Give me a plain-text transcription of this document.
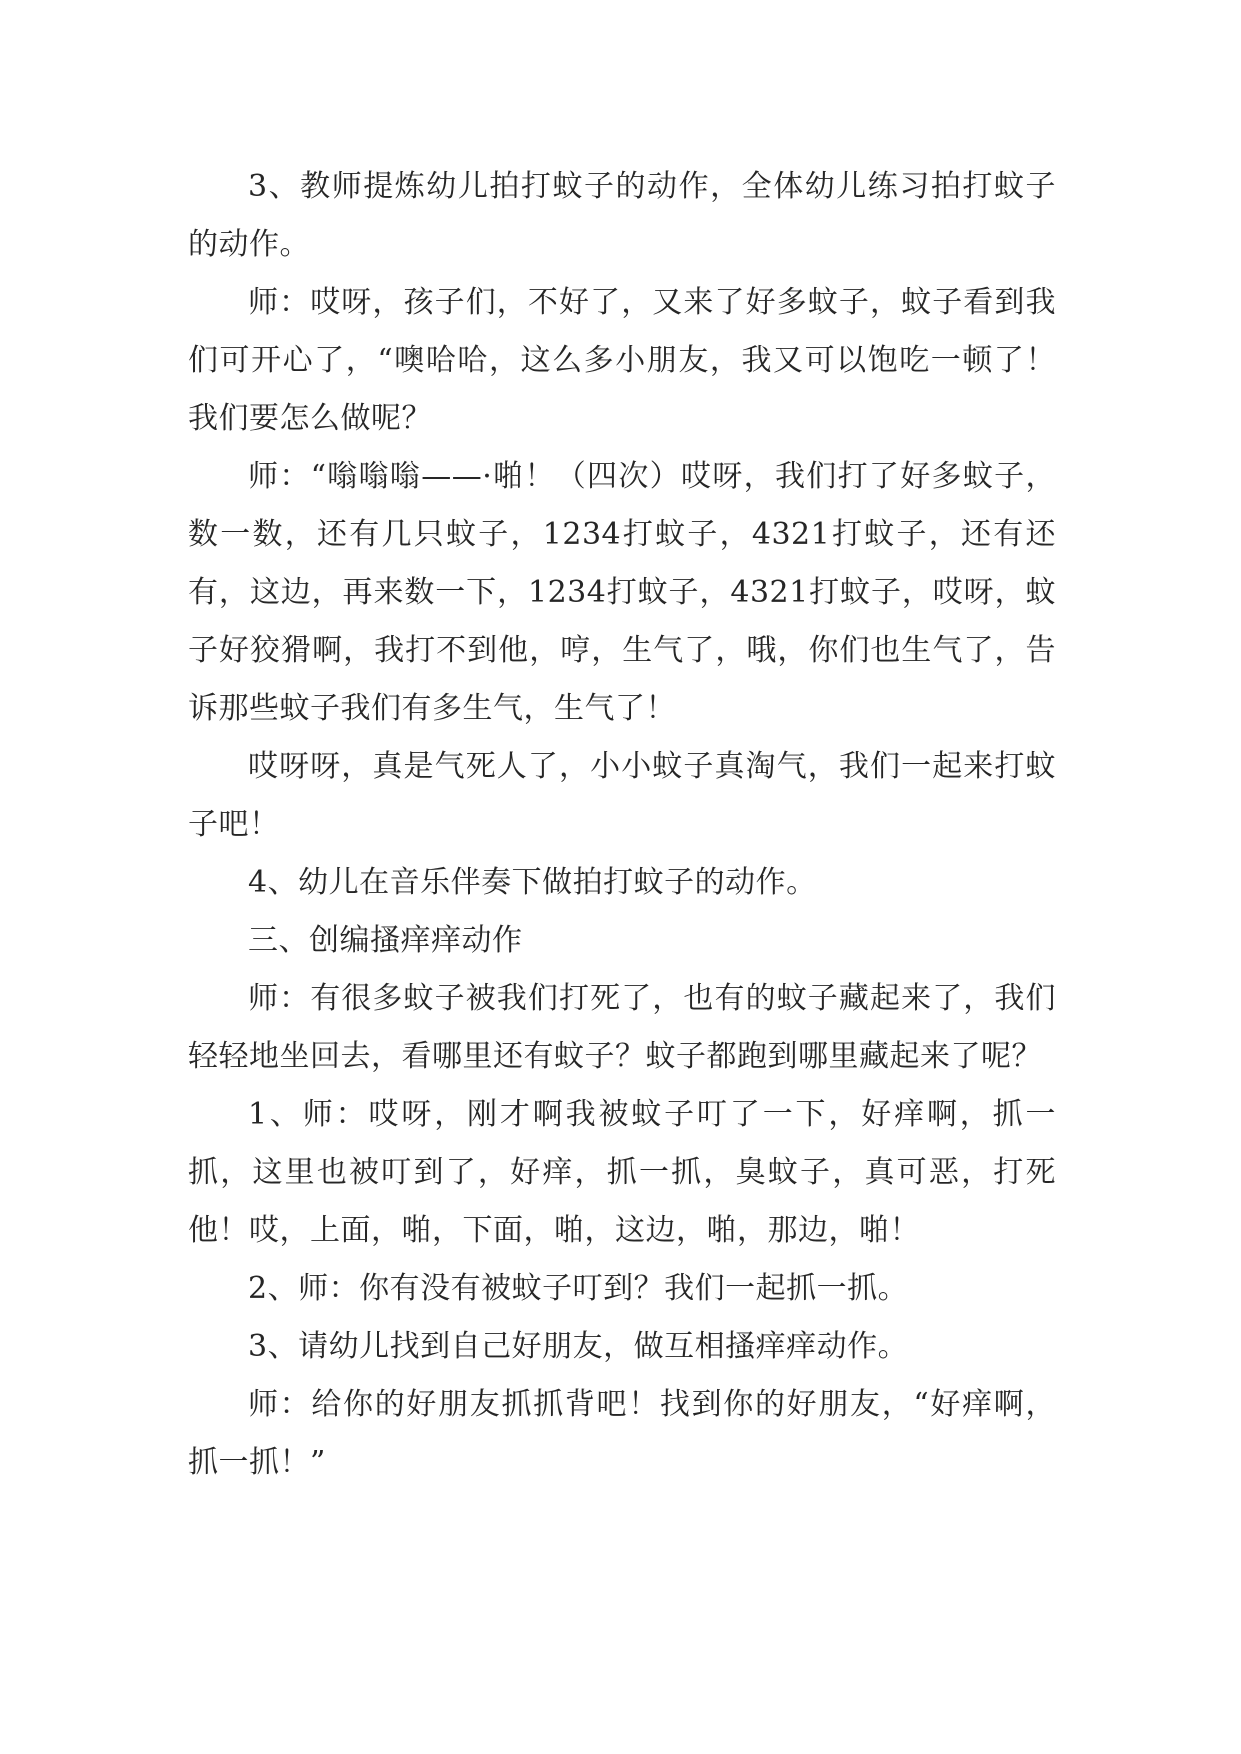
3、教师提炼幼儿拍打蚊子的动作，全体幼儿练习拍打蚊子的动作。

师：哎呀，孩子们，不好了，又来了好多蚊子，蚊子看到我们可开心了，“噢哈哈，这么多小朋友，我又可以饱吃一顿了！我们要怎么做呢？

师：“嗡嗡嗡——·啪！（四次）哎呀，我们打了好多蚊子，数一数，还有几只蚊子，1234打蚊子，4321打蚊子，还有还有，这边，再来数一下，1234打蚊子，4321打蚊子，哎呀，蚊子好狡猾啊，我打不到他，哼，生气了，哦，你们也生气了，告诉那些蚊子我们有多生气，生气了！

哎呀呀，真是气死人了，小小蚊子真淘气，我们一起来打蚊子吧！

4、幼儿在音乐伴奏下做拍打蚊子的动作。

三、创编搔痒痒动作

师：有很多蚊子被我们打死了，也有的蚊子藏起来了，我们轻轻地坐回去，看哪里还有蚊子？蚊子都跑到哪里藏起来了呢？

1、师：哎呀，刚才啊我被蚊子叮了一下，好痒啊，抓一抓，这里也被叮到了，好痒，抓一抓，臭蚊子，真可恶，打死他！哎，上面，啪，下面，啪，这边，啪，那边，啪！

2、师：你有没有被蚊子叮到？我们一起抓一抓。

3、请幼儿找到自己好朋友，做互相搔痒痒动作。

师：给你的好朋友抓抓背吧！找到你的好朋友，“好痒啊，抓一抓！”
